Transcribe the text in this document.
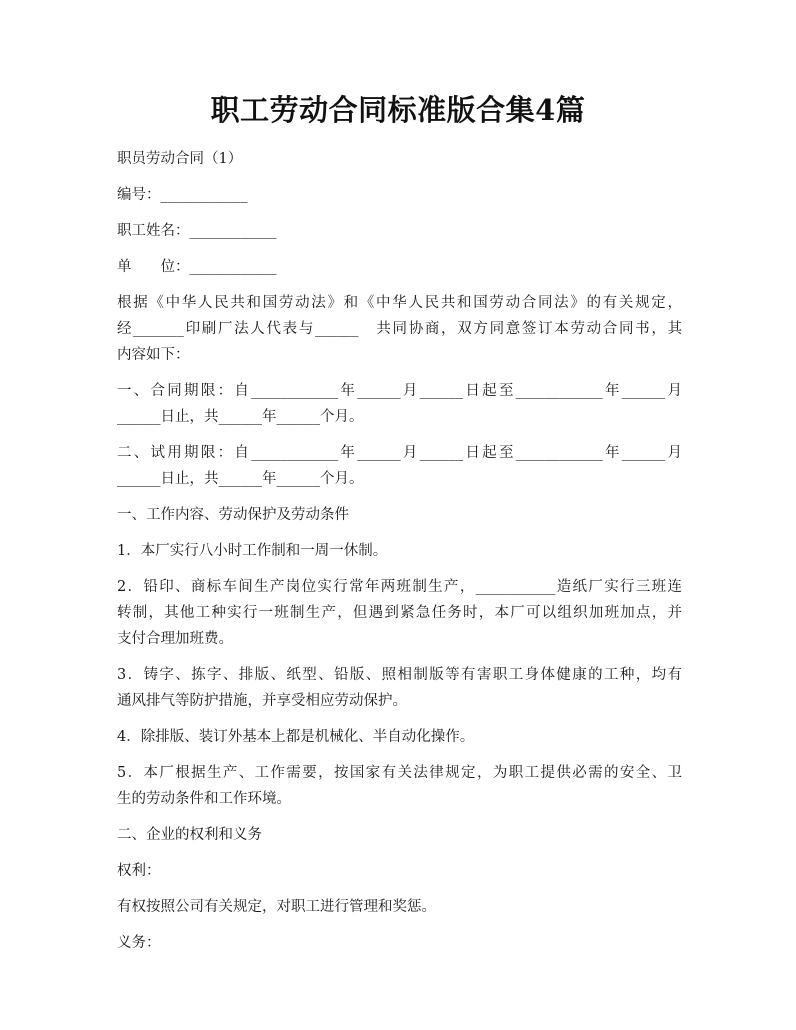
职工劳动合同标准版合集4篇

职员劳动合同（1）

编号：____________

职工姓名：____________

单　　位：____________

根据《中华人民共和国劳动法》和《中华人民共和国劳动合同法》的有关规定，
经_______印刷厂法人代表与______　共同协商，双方同意签订本劳动合同书，其
内容如下：

一、合同期限：自____________年______月______日起至____________年______月
______日止，共______年______个月。

二、试用期限：自____________年______月______日起至____________年______月
______日止，共______年______个月。

一、工作内容、劳动保护及劳动条件

1．本厂实行八小时工作制和一周一休制。

2．铅印、商标车间生产岗位实行常年两班制生产，___________造纸厂实行三班连
转制，其他工种实行一班制生产，但遇到紧急任务时，本厂可以组织加班加点，并
支付合理加班费。

3．铸字、拣字、排版、纸型、铅版、照相制版等有害职工身体健康的工种，均有
通风排气等防护措施，并享受相应劳动保护。

4．除排版、装订外基本上都是机械化、半自动化操作。

5．本厂根据生产、工作需要，按国家有关法律规定，为职工提供必需的安全、卫
生的劳动条件和工作环境。

二、企业的权利和义务

权利：

有权按照公司有关规定，对职工进行管理和奖惩。

义务：
